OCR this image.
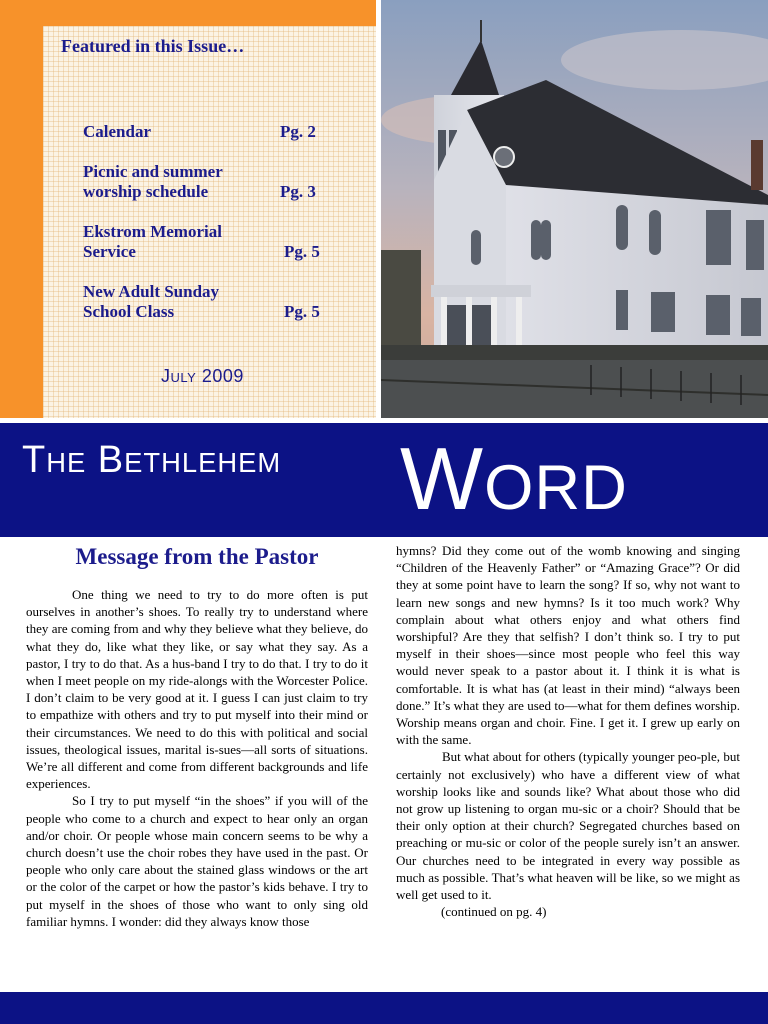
Featured in this Issue…
Calendar	Pg. 2
Picnic and summer worship schedule	Pg. 3
Ekstrom Memorial Service	Pg. 5
New Adult Sunday School Class	Pg. 5
July 2009
THE BETHLEHEM WORD
Message from the Pastor

One thing we need to try to do more often is put ourselves in another’s shoes. To really try to understand where they are coming from and why they believe what they believe, do what they do, like what they like, or say what they say. As a pastor, I try to do that. As a hus-band I try to do that. I try to do it when I meet people on my ride-alongs with the Worcester Police. I don’t claim to be very good at it. I guess I can just claim to try to empathize with others and try to put myself into their mind or their circumstances. We need to do this with political and social issues, theological issues, marital is-sues—all sorts of situations. We’re all different and come from different backgrounds and life experiences.

So I try to put myself “in the shoes” if you will of the people who come to a church and expect to hear only an organ and/or choir. Or people whose main concern seems to be why a church doesn’t use the choir robes they have used in the past. Or people who only care about the stained glass windows or the art or the color of the carpet or how the pastor’s kids behave. I try to put myself in the shoes of those who want to only sing old familiar hymns. I wonder: did they always know those

hymns? Did they come out of the womb knowing and singing “Children of the Heavenly Father” or “Amazing Grace”? Or did they at some point have to learn the song? If so, why not want to learn new songs and new hymns? Is it too much work? Why complain about what others enjoy and what others find worshipful? Are they that selfish? I don’t think so. I try to put myself in their shoes—since most people who feel this way would never speak to a pastor about it. I think it is what is comfortable. It is what has (at least in their mind) “always been done.” It’s what they are used to—what for them defines worship. Worship means organ and choir. Fine. I get it. I grew up early on with the same.

But what about for others (typically younger peo-ple, but certainly not exclusively) who have a different view of what worship looks like and sounds like? What about those who did not grow up listening to organ mu-sic or a choir? Should that be their only option at their church? Segregated churches based on preaching or mu-sic or color of the people surely isn’t an answer. Our churches need to be integrated in every way possible as much as possible. That’s what heaven will be like, so we might as well get used to it.

(continued on pg. 4)
